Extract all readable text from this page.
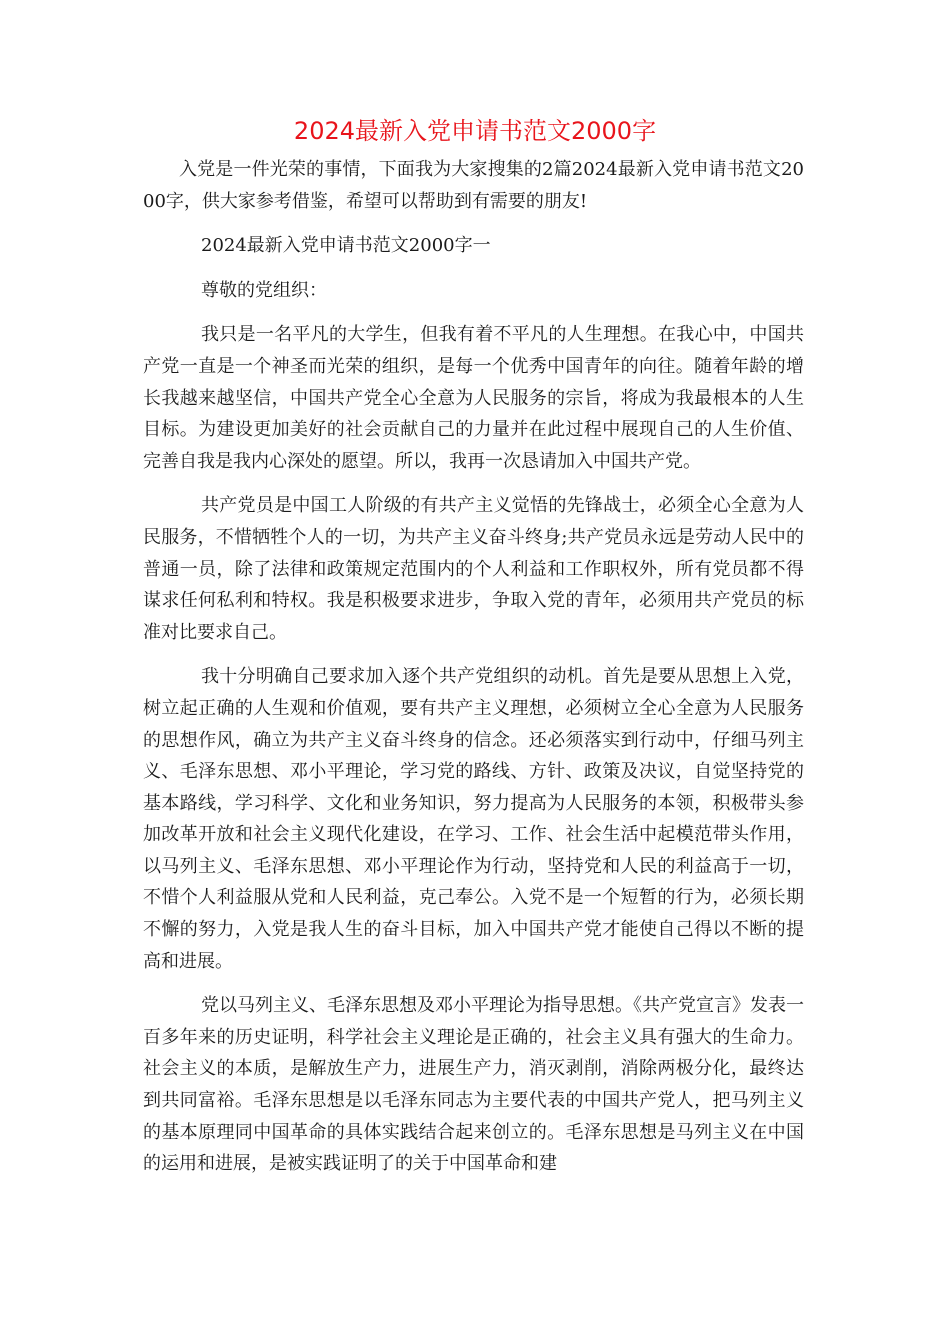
2024最新入党申请书范文2000字

入党是一件光荣的事情，下面我为大家搜集的2篇2024最新入党申请书范文2000字，供大家参考借鉴，希望可以帮助到有需要的朋友!

2024最新入党申请书范文2000字一

尊敬的党组织：

我只是一名平凡的大学生，但我有着不平凡的人生理想。在我心中，中国共产党一直是一个神圣而光荣的组织，是每一个优秀中国青年的向往。随着年龄的增长我越来越坚信，中国共产党全心全意为人民服务的宗旨，将成为我最根本的人生目标。为建设更加美好的社会贡献自己的力量并在此过程中展现自己的人生价值、完善自我是我内心深处的愿望。所以，我再一次恳请加入中国共产党。

共产党员是中国工人阶级的有共产主义觉悟的先锋战士，必须全心全意为人民服务，不惜牺牲个人的一切，为共产主义奋斗终身;共产党员永远是劳动人民中的普通一员，除了法律和政策规定范围内的个人利益和工作职权外，所有党员都不得谋求任何私利和特权。我是积极要求进步，争取入党的青年，必须用共产党员的标准对比要求自己。

我十分明确自己要求加入逐个共产党组织的动机。首先是要从思想上入党，树立起正确的人生观和价值观，要有共产主义理想，必须树立全心全意为人民服务的思想作风，确立为共产主义奋斗终身的信念。还必须落实到行动中，仔细马列主义、毛泽东思想、邓小平理论，学习党的路线、方针、政策及决议，自觉坚持党的基本路线，学习科学、文化和业务知识，努力提高为人民服务的本领，积极带头参加改革开放和社会主义现代化建设，在学习、工作、社会生活中起模范带头作用，以马列主义、毛泽东思想、邓小平理论作为行动，坚持党和人民的利益高于一切，不惜个人利益服从党和人民利益，克己奉公。入党不是一个短暂的行为，必须长期不懈的努力，入党是我人生的奋斗目标，加入中国共产党才能使自己得以不断的提高和进展。

党以马列主义、毛泽东思想及邓小平理论为指导思想。《共产党宣言》发表一百多年来的历史证明，科学社会主义理论是正确的，社会主义具有强大的生命力。社会主义的本质，是解放生产力，进展生产力，消灭剥削，消除两极分化，最终达到共同富裕。毛泽东思想是以毛泽东同志为主要代表的中国共产党人，把马列主义的基本原理同中国革命的具体实践结合起来创立的。毛泽东思想是马列主义在中国的运用和进展，是被实践证明了的关于中国革命和建
